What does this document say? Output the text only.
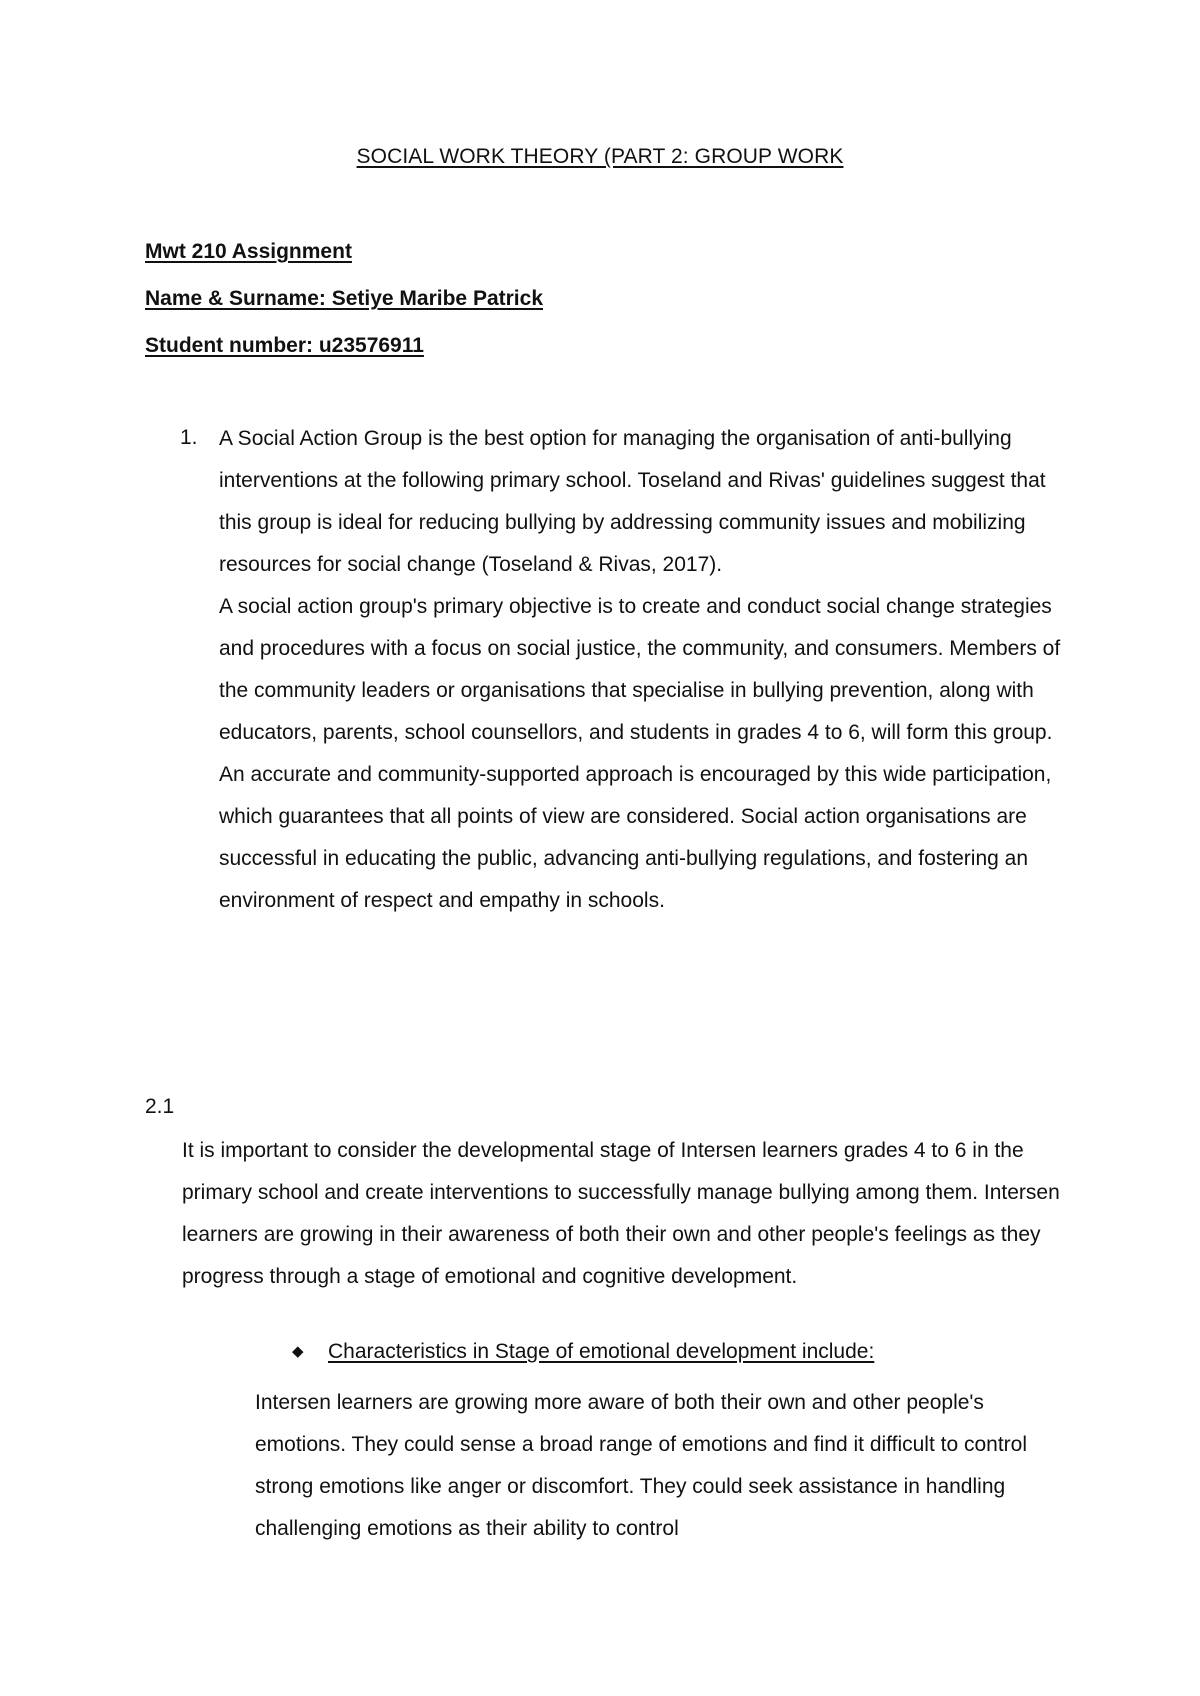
SOCIAL WORK THEORY (PART 2: GROUP WORK
Mwt 210 Assignment
Name & Surname: Setiye Maribe Patrick
Student number: u23576911
1. A Social Action Group is the best option for managing the organisation of anti-bullying interventions at the following primary school. Toseland and Rivas' guidelines suggest that this group is ideal for reducing bullying by addressing community issues and mobilizing resources for social change (Toseland & Rivas, 2017).

A social action group's primary objective is to create and conduct social change strategies and procedures with a focus on social justice, the community, and consumers. Members of the community leaders or organisations that specialise in bullying prevention, along with educators, parents, school counsellors, and students in grades 4 to 6, will form this group. An accurate and community-supported approach is encouraged by this wide participation, which guarantees that all points of view are considered. Social action organisations are successful in educating the public, advancing anti-bullying regulations, and fostering an environment of respect and empathy in schools.

2.1

It is important to consider the developmental stage of Intersen learners grades 4 to 6 in the primary school and create interventions to successfully manage bullying among them. Intersen learners are growing in their awareness of both their own and other people's feelings as they progress through a stage of emotional and cognitive development.

◆ Characteristics in Stage of emotional development include:

Intersen learners are growing more aware of both their own and other people's emotions. They could sense a broad range of emotions and find it difficult to control strong emotions like anger or discomfort. They could seek assistance in handling challenging emotions as their ability to control
